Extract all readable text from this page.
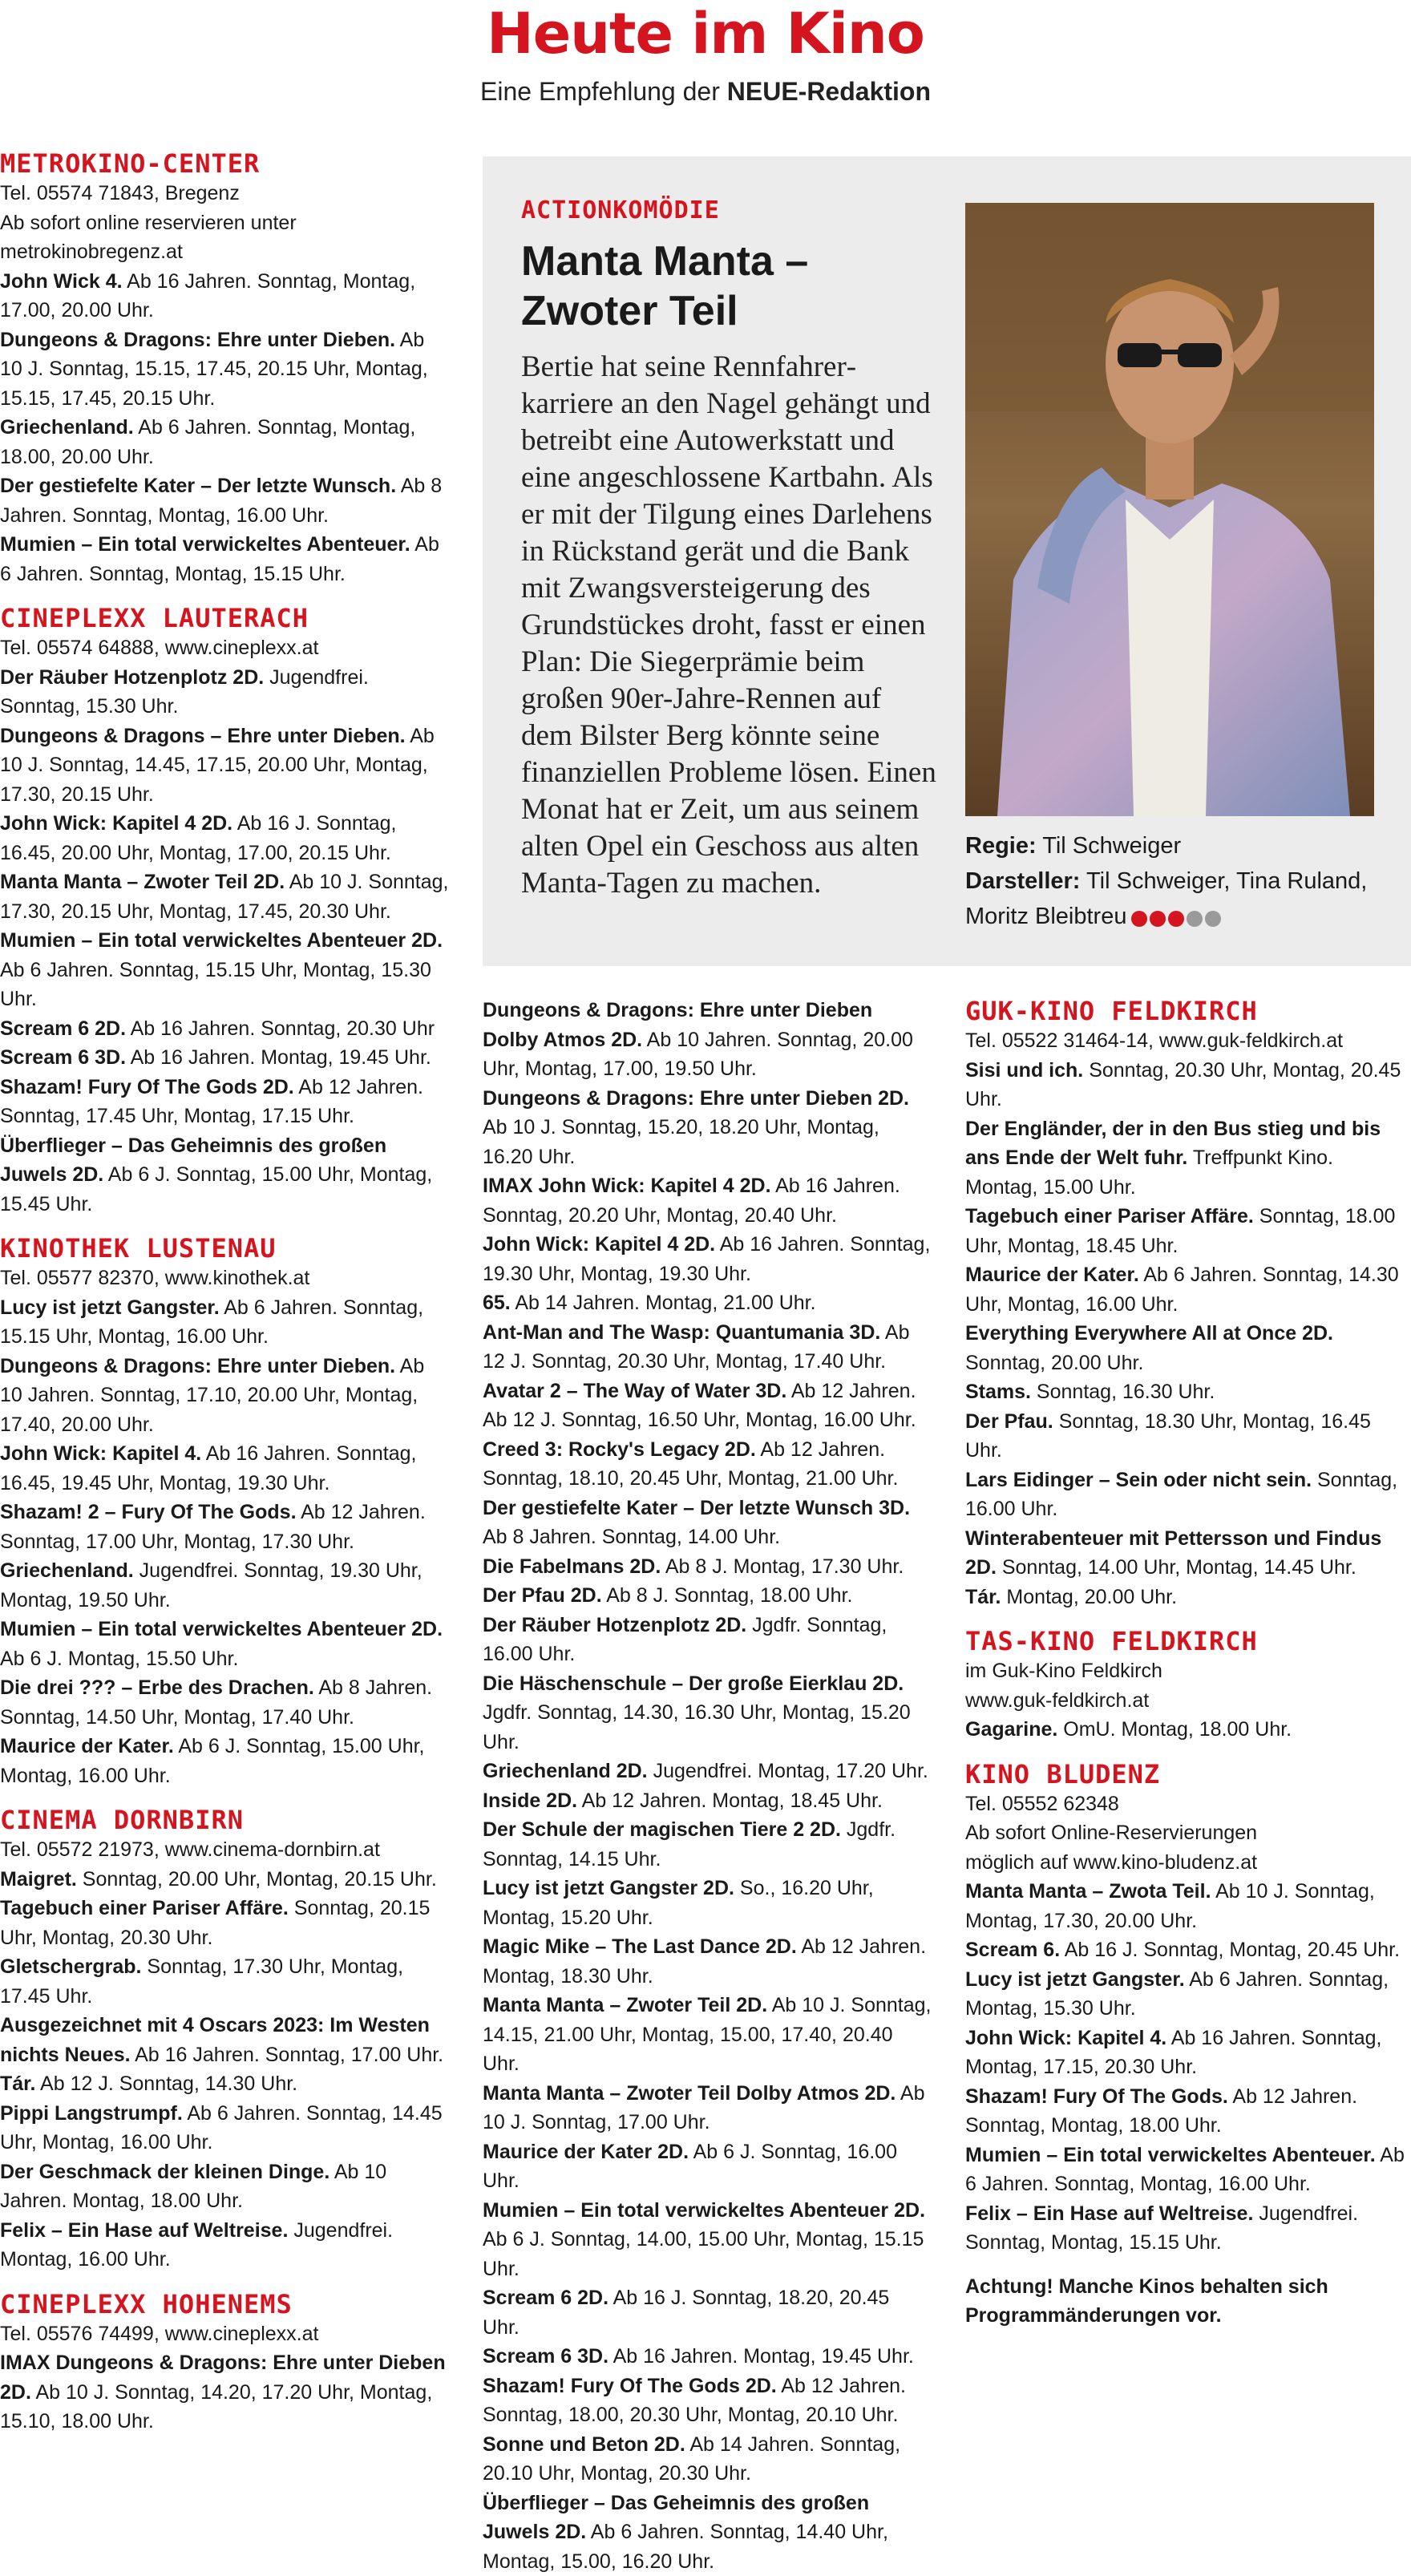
Heute im Kino
Eine Empfehlung der NEUE-Redaktion
METROKINO-CENTER
Tel. 05574 71843, Bregenz
Ab sofort online reservieren unter
metrokinobregenz.at
John Wick 4. Ab 16 Jahren. Sonntag, Montag, 17.00, 20.00 Uhr.
Dungeons & Dragons: Ehre unter Dieben. Ab 10 J. Sonntag, 15.15, 17.45, 20.15 Uhr, Montag, 15.15, 17.45, 20.15 Uhr.
Griechenland. Ab 6 Jahren. Sonntag, Montag, 18.00, 20.00 Uhr.
Der gestiefelte Kater – Der letzte Wunsch. Ab 8 Jahren. Sonntag, Montag, 16.00 Uhr.
Mumien – Ein total verwickeltes Abenteuer. Ab 6 Jahren. Sonntag, Montag, 15.15 Uhr.
CINEPLEXX LAUTERACH
Tel. 05574 64888, www.cineplexx.at
Der Räuber Hotzenplotz 2D. Jugendfrei. Sonntag, 15.30 Uhr.
Dungeons & Dragons – Ehre unter Dieben. Ab 10 J. Sonntag, 14.45, 17.15, 20.00 Uhr, Montag, 17.30, 20.15 Uhr.
John Wick: Kapitel 4 2D. Ab 16 J. Sonntag, 16.45, 20.00 Uhr, Montag, 17.00, 20.15 Uhr.
Manta Manta – Zwoter Teil 2D. Ab 10 J. Sonntag, 17.30, 20.15 Uhr, Montag, 17.45, 20.30 Uhr.
Mumien – Ein total verwickeltes Abenteuer 2D. Ab 6 Jahren. Sonntag, 15.15 Uhr, Montag, 15.30 Uhr.
Scream 6 2D. Ab 16 Jahren. Sonntag, 20.30 Uhr
Scream 6 3D. Ab 16 Jahren. Montag, 19.45 Uhr.
Shazam! Fury Of The Gods 2D. Ab 12 Jahren. Sonntag, 17.45 Uhr, Montag, 17.15 Uhr.
Überflieger – Das Geheimnis des großen Juwels 2D. Ab 6 J. Sonntag, 15.00 Uhr, Montag, 15.45 Uhr.
KINOTHEK LUSTENAU
Tel. 05577 82370, www.kinothek.at
Lucy ist jetzt Gangster. Ab 6 Jahren. Sonntag, 15.15 Uhr, Montag, 16.00 Uhr.
Dungeons & Dragons: Ehre unter Dieben. Ab 10 Jahren. Sonntag, 17.10, 20.00 Uhr, Montag, 17.40, 20.00 Uhr.
John Wick: Kapitel 4. Ab 16 Jahren. Sonntag, 16.45, 19.45 Uhr, Montag, 19.30 Uhr.
Shazam! 2 – Fury Of The Gods. Ab 12 Jahren. Sonntag, 17.00 Uhr, Montag, 17.30 Uhr.
Griechenland. Jugendfrei. Sonntag, 19.30 Uhr, Montag, 19.50 Uhr.
Mumien – Ein total verwickeltes Abenteuer 2D. Ab 6 J. Montag, 15.50 Uhr.
Die drei ??? – Erbe des Drachen. Ab 8 Jahren. Sonntag, 14.50 Uhr, Montag, 17.40 Uhr.
Maurice der Kater. Ab 6 J. Sonntag, 15.00 Uhr, Montag, 16.00 Uhr.
CINEMA DORNBIRN
Tel. 05572 21973, www.cinema-dornbirn.at
Maigret. Sonntag, 20.00 Uhr, Montag, 20.15 Uhr.
Tagebuch einer Pariser Affäre. Sonntag, 20.15 Uhr, Montag, 20.30 Uhr.
Gletschergrab. Sonntag, 17.30 Uhr, Montag, 17.45 Uhr.
Ausgezeichnet mit 4 Oscars 2023: Im Westen nichts Neues. Ab 16 Jahren. Sonntag, 17.00 Uhr.
Tár. Ab 12 J. Sonntag, 14.30 Uhr.
Pippi Langstrumpf. Ab 6 Jahren. Sonntag, 14.45 Uhr, Montag, 16.00 Uhr.
Der Geschmack der kleinen Dinge. Ab 10 Jahren. Montag, 18.00 Uhr.
Felix – Ein Hase auf Weltreise. Jugendfrei. Montag, 16.00 Uhr.
CINEPLEXX HOHENEMS
Tel. 05576 74499, www.cineplexx.at
IMAX Dungeons & Dragons: Ehre unter Dieben 2D. Ab 10 J. Sonntag, 14.20, 17.20 Uhr, Montag, 15.10, 18.00 Uhr.
ACTIONKOMÖDIE
Manta Manta – Zwoter Teil
Bertie hat seine Rennfahrerkarriere an den Nagel gehängt und betreibt eine Autowerkstatt und eine angeschlossene Kartbahn. Als er mit der Tilgung eines Darlehens in Rückstand gerät und die Bank mit Zwangsversteigerung des Grundstückes droht, fasst er einen Plan: Die Siegerprämie beim großen 90er-Jahre-Rennen auf dem Bilster Berg könnte seine finanziellen Probleme lösen. Einen Monat hat er Zeit, um aus seinem alten Opel ein Geschoss aus alten Manta-Tagen zu machen.
Regie: Til Schweiger
Darsteller: Til Schweiger, Tina Ruland, Moritz Bleibtreu
Dungeons & Dragons: Ehre unter Dieben Dolby Atmos 2D. Ab 10 Jahren. Sonntag, 20.00 Uhr, Montag, 17.00, 19.50 Uhr.
Dungeons & Dragons: Ehre unter Dieben 2D. Ab 10 J. Sonntag, 15.20, 18.20 Uhr, Montag, 16.20 Uhr.
IMAX John Wick: Kapitel 4 2D. Ab 16 Jahren. Sonntag, 20.20 Uhr, Montag, 20.40 Uhr.
John Wick: Kapitel 4 2D. Ab 16 Jahren. Sonntag, 19.30 Uhr, Montag, 19.30 Uhr.
65. Ab 14 Jahren. Montag, 21.00 Uhr.
Ant-Man and The Wasp: Quantumania 3D. Ab 12 J. Sonntag, 20.30 Uhr, Montag, 17.40 Uhr.
Avatar 2 – The Way of Water 3D. Ab 12 Jahren. Ab 12 J. Sonntag, 16.50 Uhr, Montag, 16.00 Uhr.
Creed 3: Rocky's Legacy 2D. Ab 12 Jahren. Sonntag, 18.10, 20.45 Uhr, Montag, 21.00 Uhr.
Der gestiefelte Kater – Der letzte Wunsch 3D. Ab 8 Jahren. Sonntag, 14.00 Uhr.
Die Fabelmans 2D. Ab 8 J. Montag, 17.30 Uhr.
Der Pfau 2D. Ab 8 J. Sonntag, 18.00 Uhr.
Der Räuber Hotzenplotz 2D. Jgdfr. Sonntag, 16.00 Uhr.
Die Häschenschule – Der große Eierklau 2D. Jgdfr. Sonntag, 14.30, 16.30 Uhr, Montag, 15.20 Uhr.
Griechenland 2D. Jugendfrei. Montag, 17.20 Uhr.
Inside 2D. Ab 12 Jahren. Montag, 18.45 Uhr.
Der Schule der magischen Tiere 2 2D. Jgdfr. Sonntag, 14.15 Uhr.
Lucy ist jetzt Gangster 2D. So., 16.20 Uhr, Montag, 15.20 Uhr.
Magic Mike – The Last Dance 2D. Ab 12 Jahren. Montag, 18.30 Uhr.
Manta Manta – Zwoter Teil 2D. Ab 10 J. Sonntag, 14.15, 21.00 Uhr, Montag, 15.00, 17.40, 20.40 Uhr.
Manta Manta – Zwoter Teil Dolby Atmos 2D. Ab 10 J. Sonntag, 17.00 Uhr.
Maurice der Kater 2D. Ab 6 J. Sonntag, 16.00 Uhr.
Mumien – Ein total verwickeltes Abenteuer 2D. Ab 6 J. Sonntag, 14.00, 15.00 Uhr, Montag, 15.15 Uhr.
Scream 6 2D. Ab 16 J. Sonntag, 18.20, 20.45 Uhr.
Scream 6 3D. Ab 16 Jahren. Montag, 19.45 Uhr.
Shazam! Fury Of The Gods 2D. Ab 12 Jahren. Sonntag, 18.00, 20.30 Uhr, Montag, 20.10 Uhr.
Sonne und Beton 2D. Ab 14 Jahren. Sonntag, 20.10 Uhr, Montag, 20.30 Uhr.
Überflieger – Das Geheimnis des großen Juwels 2D. Ab 6 Jahren. Sonntag, 14.40 Uhr, Montag, 15.00, 16.20 Uhr.
GUK-KINO FELDKIRCH
Tel. 05522 31464-14, www.guk-feldkirch.at
Sisi und ich. Sonntag, 20.30 Uhr, Montag, 20.45 Uhr.
Der Engländer, der in den Bus stieg und bis ans Ende der Welt fuhr. Treffpunkt Kino. Montag, 15.00 Uhr.
Tagebuch einer Pariser Affäre. Sonntag, 18.00 Uhr, Montag, 18.45 Uhr.
Maurice der Kater. Ab 6 Jahren. Sonntag, 14.30 Uhr, Montag, 16.00 Uhr.
Everything Everywhere All at Once 2D. Sonntag, 20.00 Uhr.
Stams. Sonntag, 16.30 Uhr.
Der Pfau. Sonntag, 18.30 Uhr, Montag, 16.45 Uhr.
Lars Eidinger – Sein oder nicht sein. Sonntag, 16.00 Uhr.
Winterabenteuer mit Pettersson und Findus 2D. Sonntag, 14.00 Uhr, Montag, 14.45 Uhr.
Tár. Montag, 20.00 Uhr.
TAS-KINO FELDKIRCH
im Guk-Kino Feldkirch
www.guk-feldkirch.at
Gagarine. OmU. Montag, 18.00 Uhr.
KINO BLUDENZ
Tel. 05552 62348
Ab sofort Online-Reservierungen
möglich auf www.kino-bludenz.at
Manta Manta – Zwota Teil. Ab 10 J. Sonntag, Montag, 17.30, 20.00 Uhr.
Scream 6. Ab 16 J. Sonntag, Montag, 20.45 Uhr.
Lucy ist jetzt Gangster. Ab 6 Jahren. Sonntag, Montag, 15.30 Uhr.
John Wick: Kapitel 4. Ab 16 Jahren. Sonntag, Montag, 17.15, 20.30 Uhr.
Shazam! Fury Of The Gods. Ab 12 Jahren. Sonntag, Montag, 18.00 Uhr.
Mumien – Ein total verwickeltes Abenteuer. Ab 6 Jahren. Sonntag, Montag, 16.00 Uhr.
Felix – Ein Hase auf Weltreise. Jugendfrei. Sonntag, Montag, 15.15 Uhr.
Achtung! Manche Kinos behalten sich Programmänderungen vor.
